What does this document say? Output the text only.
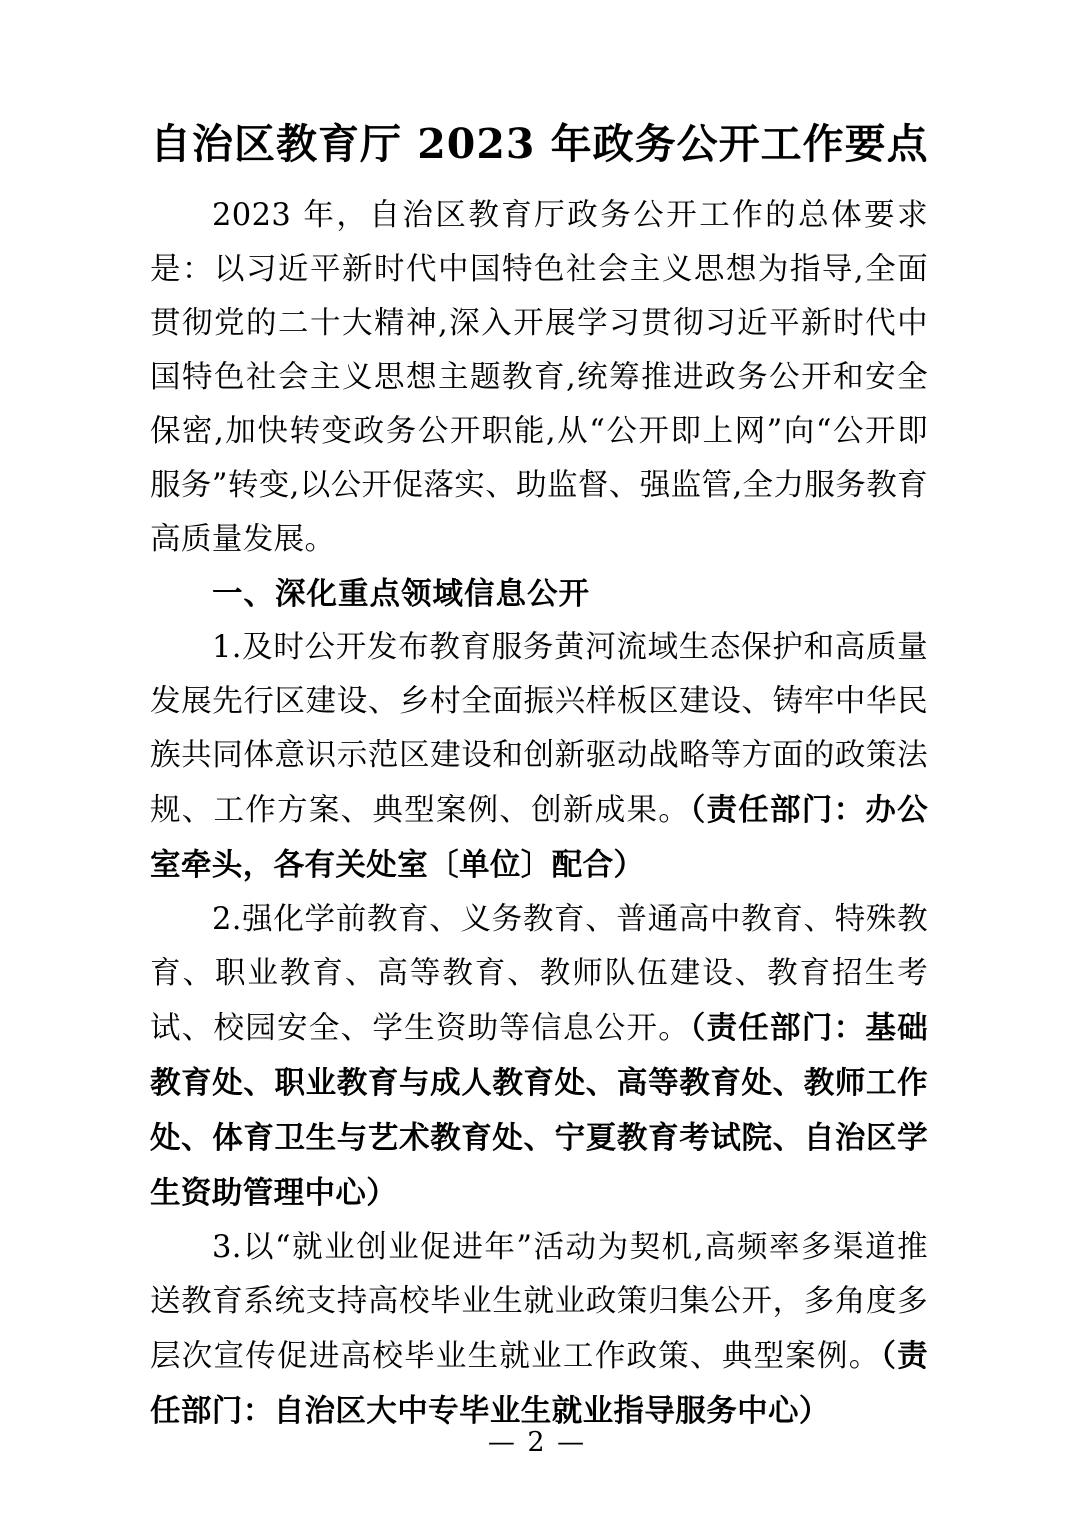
自治区教育厅 2023 年政务公开工作要点

2023 年，自治区教育厅政务公开工作的总体要求是：以习近平新时代中国特色社会主义思想为指导,全面贯彻党的二十大精神,深入开展学习贯彻习近平新时代中国特色社会主义思想主题教育,统筹推进政务公开和安全保密,加快转变政务公开职能,从“公开即上网”向“公开即服务”转变,以公开促落实、助监督、强监管,全力服务教育高质量发展。

一、深化重点领域信息公开

1.及时公开发布教育服务黄河流域生态保护和高质量发展先行区建设、乡村全面振兴样板区建设、铸牢中华民族共同体意识示范区建设和创新驱动战略等方面的政策法规、工作方案、典型案例、创新成果。（责任部门：办公室牵头，各有关处室〔单位〕配合）

2.强化学前教育、义务教育、普通高中教育、特殊教育、职业教育、高等教育、教师队伍建设、教育招生考试、校园安全、学生资助等信息公开。（责任部门：基础教育处、职业教育与成人教育处、高等教育处、教师工作处、体育卫生与艺术教育处、宁夏教育考试院、自治区学生资助管理中心）

3.以“就业创业促进年”活动为契机,高频率多渠道推送教育系统支持高校毕业生就业政策归集公开，多角度多层次宣传促进高校毕业生就业工作政策、典型案例。（责任部门：自治区大中专毕业生就业指导服务中心）

— 2 —
